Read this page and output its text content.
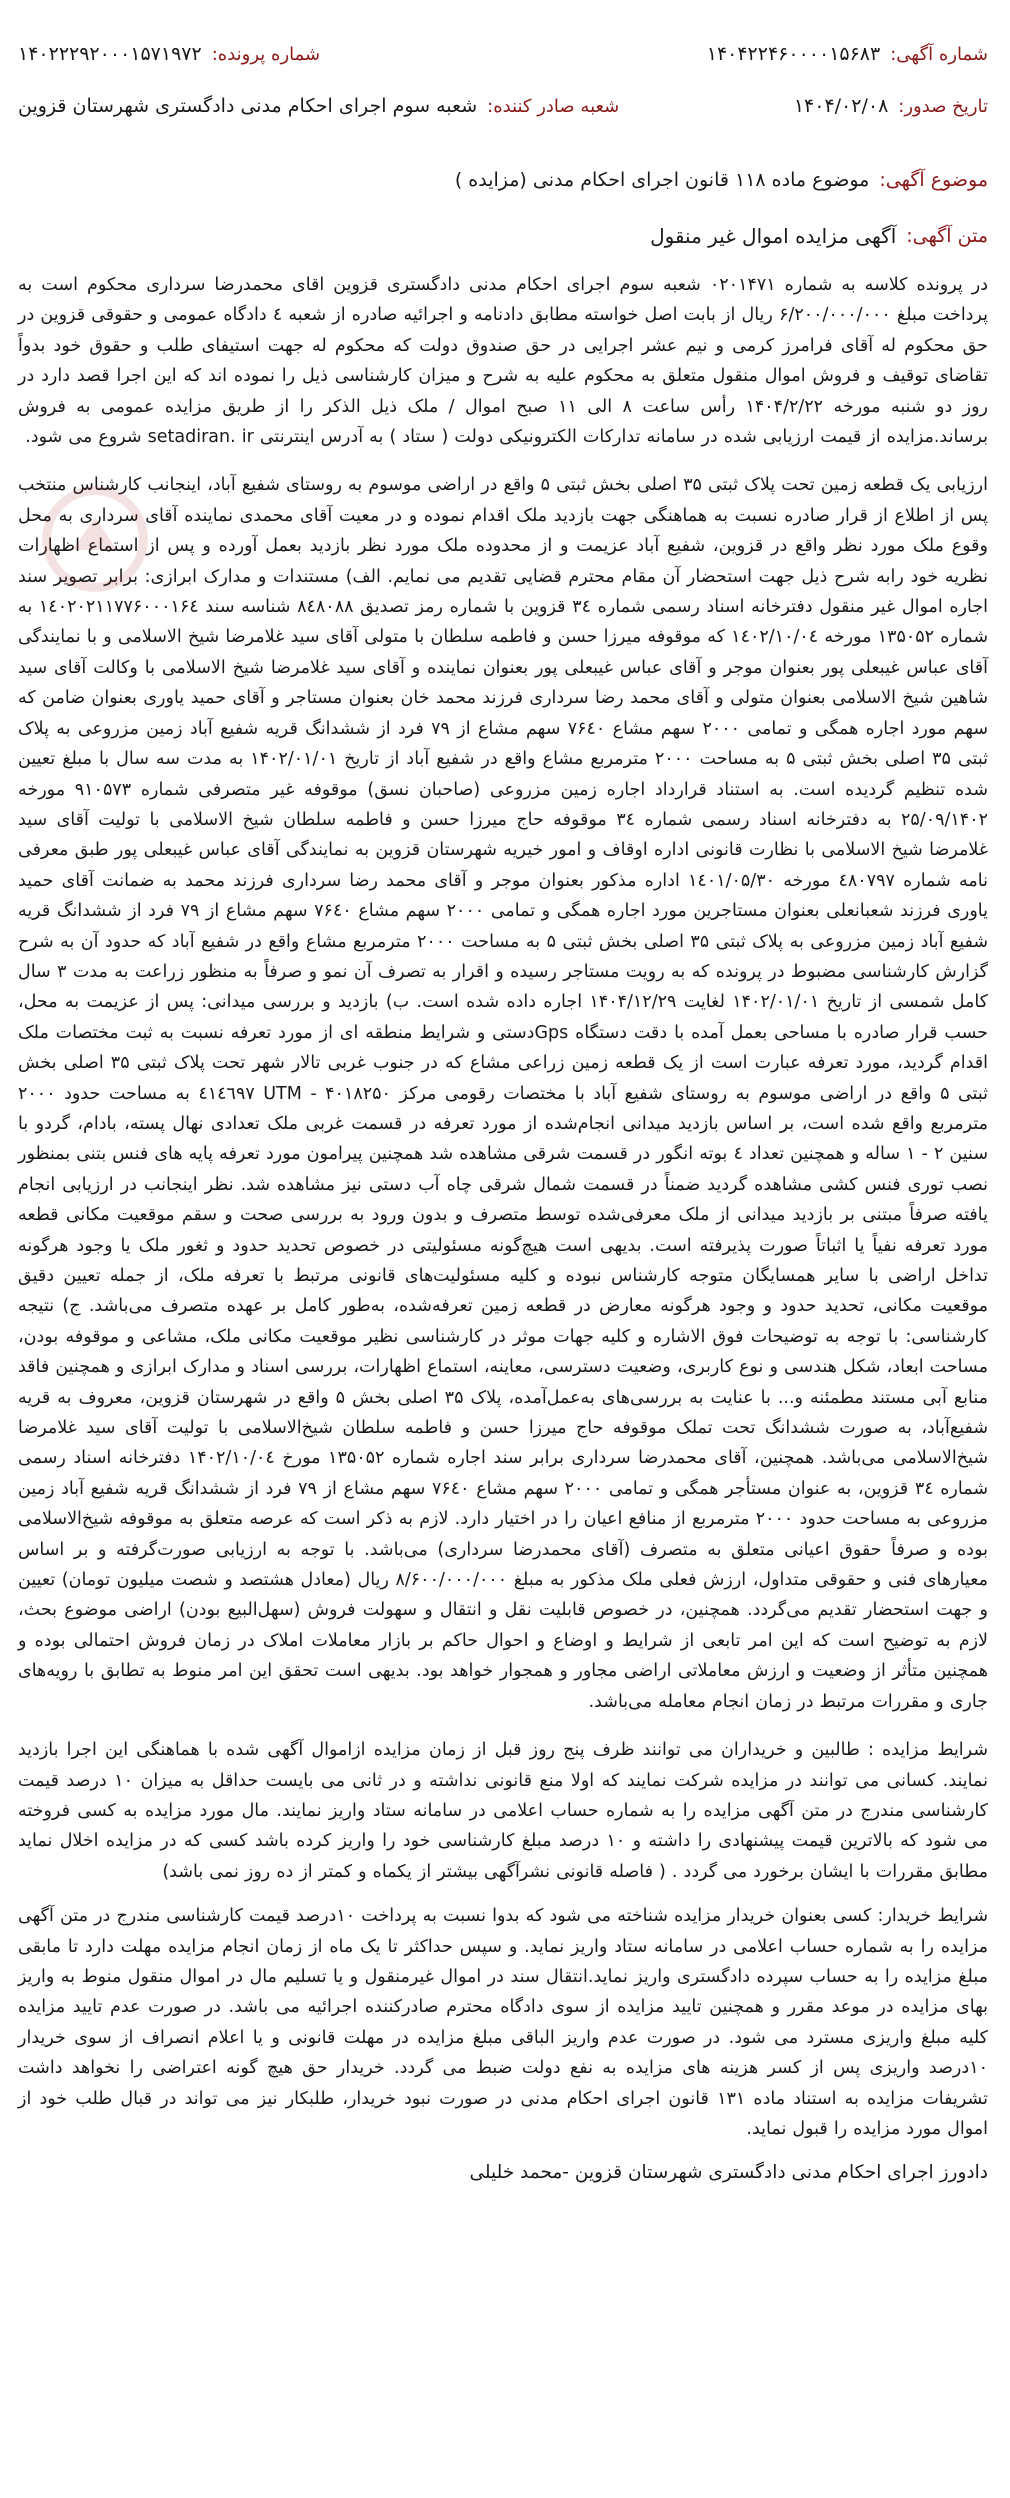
شماره آگهی:
۱۴۰۴۲۲۴۶۰۰۰۰۱۵۶۸۳
شماره پرونده:
۱۴۰۲۲۲۹۲۰۰۰۱۵۷۱۹۷۲
تاریخ صدور:
۱۴۰۴/۰۲/۰۸
شعبه صادر کننده:
شعبه سوم اجرای احکام مدنی دادگستری شهرستان قزوین
موضوع آگهی:
موضوع ماده ۱۱۸ قانون اجرای احکام مدنی (مزایده )
متن آگهی:
آگهی مزایده اموال غیر منقول

در پرونده کلاسه به شماره ۰۲۰۱۴۷۱ شعبه سوم اجرای احکام مدنی دادگستری قزوین اقای محمدرضا سرداری محکوم است به پرداخت مبلغ ۶/۲۰۰/۰۰۰/۰۰۰ ریال از بابت اصل خواسته مطابق دادنامه و اجرائیه صادره از شعبه ٤ دادگاه عمومی و حقوقی قزوین در حق محکوم له آقای فرامرز کرمی و نیم عشر اجرایی در حق صندوق دولت که محکوم له جهت استیفای طلب و حقوق خود بدواً تقاضای توقیف و فروش اموال منقول متعلق به محکوم علیه به شرح و میزان کارشناسی ذیل را نموده اند که این اجرا قصد دارد در روز دو شنبه مورخه ۱۴۰۴/۲/۲۲ رأس ساعت ۸ الی ۱۱ صبح اموال / ملک ذیل الذکر را از طریق مزایده عمومی به فروش برساند.مزایده از قیمت ارزیابی شده در سامانه تدارکات الکترونیکی دولت ( ستاد ) به آدرس اینترنتی setadiran. ir شروع می شود.

ارزیابی یک قطعه زمین تحت پلاک ثبتی ۳۵ اصلی بخش ثبتی ۵ واقع در اراضی موسوم به روستای شفیع آباد، اینجانب کارشناس منتخب پس از اطلاع از قرار صادره نسبت به هماهنگی جهت بازدید ملک اقدام نموده و در معیت آقای محمدی نماینده آقای سرداری به محل وقوع ملک مورد نظر واقع در قزوین، شفیع آباد عزیمت و از محدوده ملک مورد نظر بازدید بعمل آورده و پس از استماع اظهارات نظریه خود رابه شرح ذیل جهت استحضار آن مقام محترم قضایی تقدیم می نمایم. الف) مستندات و مدارک ابرازی: برابر تصویر سند اجاره اموال غیر منقول دفترخانه اسناد رسمی شماره ۳٤ قزوین با شماره رمز تصدیق ۸٤۸۰۸۸ شناسه سند ۱٤۰۲۰۲۱۱۷۷۶۰۰۰۱۶٤ به شماره ۱۳۵۰۵۲ مورخه ۱٤۰۲/۱۰/۰٤ که موقوفه میرزا حسن و فاطمه سلطان با متولی آقای سید غلامرضا شیخ الاسلامی و با نمایندگی آقای عباس غیبعلی پور بعنوان موجر و آقای عباس غیبعلی پور بعنوان نماینده و آقای سید غلامرضا شیخ الاسلامی با وکالت آقای سید شاهین شیخ الاسلامی بعنوان متولی و آقای محمد رضا سرداری فرزند محمد خان بعنوان مستاجر و آقای حمید یاوری بعنوان ضامن که سهم مورد اجاره همگی و تمامی ۲۰۰۰ سهم مشاع ۷۶٤۰ سهم مشاع از ۷۹ فرد از ششدانگ قریه شفیع آباد زمین مزروعی به پلاک ثبتی ۳۵ اصلی بخش ثبتی ۵ به مساحت ۲۰۰۰ مترمربع مشاع واقع در شفیع آباد از تاریخ ۱۴۰۲/۰۱/۰۱ به مدت سه سال با مبلغ تعیین شده تنظیم گردیده است. به استناد قرارداد اجاره زمین مزروعی (صاحبان نسق) موقوفه غیر متصرفی شماره ۹۱۰۵۷۳ مورخه ۲۵/۰۹/۱۴۰۲ به دفترخانه اسناد رسمی شماره ۳٤ موقوفه حاج میرزا حسن و فاطمه سلطان شیخ الاسلامی با تولیت آقای سید غلامرضا شیخ الاسلامی با نظارت قانونی اداره اوقاف و امور خیریه شهرستان قزوین به نمایندگی آقای عباس غیبعلی پور طبق معرفی نامه شماره ٤۸۰۷۹۷ مورخه ۱٤۰۱/۰۵/۳۰ اداره مذکور بعنوان موجر و آقای محمد رضا سرداری فرزند محمد به ضمانت آقای حمید یاوری فرزند شعبانعلی بعنوان مستاجرین مورد اجاره همگی و تمامی ۲۰۰۰ سهم مشاع ۷۶٤۰ سهم مشاع از ۷۹ فرد از ششدانگ قریه شفیع آباد زمین مزروعی به پلاک ثبتی ۳۵ اصلی بخش ثبتی ۵ به مساحت ۲۰۰۰ مترمربع مشاع واقع در شفیع آباد که حدود آن به شرح گزارش کارشناسی مضبوط در پرونده که به رویت مستاجر رسیده و اقرار به تصرف آن نمو و صرفاً به منظور زراعت به مدت ۳ سال کامل شمسی از تاریخ ۱۴۰۲/۰۱/۰۱ لغایت ۱۴۰۴/۱۲/۲۹ اجاره داده شده است. ب) بازدید و بررسی میدانی: پس از عزیمت به محل، حسب قرار صادره با مساحی بعمل آمده با دقت دستگاه Gpsدستی و شرایط منطقه ای از مورد تعرفه نسبت به ثبت مختصات ملک اقدام گردید، مورد تعرفه عبارت است از یک قطعه زمین زراعی مشاع که در جنوب غربی تالار شهر تحت پلاک ثبتی ۳۵ اصلی بخش ثبتی ۵ واقع در اراضی موسوم به روستای شفیع آباد با مختصات رقومی مرکز ۴۰۱۸۲۵۰ - UTM ٤۱٤٦۹۷ به مساحت حدود ۲۰۰۰ مترمربع واقع شده است، بر اساس بازدید میدانی انجام‌شده از مورد تعرفه در قسمت غربی ملک تعدادی نهال پسته، بادام، گردو با سنین ۲ - ۱ ساله و همچنین تعداد ٤ بوته انگور در قسمت شرقی مشاهده شد همچنین پیرامون مورد تعرفه پایه های فنس بتنی بمنظور نصب توری فنس کشی مشاهده گردید ضمناً در قسمت شمال شرقی چاه آب دستی نیز مشاهده شد. نظر اینجانب در ارزیابی انجام یافته صرفاً مبتنی بر بازدید میدانی از ملک معرفی‌شده توسط متصرف و بدون ورود به بررسی صحت و سقم موقعیت مکانی قطعه مورد تعرفه نفیاً یا اثباتاً صورت پذیرفته است. بدیهی است هیچ‌گونه مسئولیتی در خصوص تحدید حدود و ثغور ملک یا وجود هرگونه تداخل اراضی با سایر همسایگان متوجه کارشناس نبوده و کلیه مسئولیت‌های قانونی مرتبط با تعرفه ملک، از جمله تعیین دقیق موقعیت مکانی، تحدید حدود و وجود هرگونه معارض در قطعه زمین تعرفه‌شده، به‌طور کامل بر عهده متصرف می‌باشد. ج) نتیجه کارشناسی: با توجه به توضیحات فوق الاشاره و کلیه جهات موثر در کارشناسی نظیر موقعیت مکانی ملک، مشاعی و موقوفه بودن، مساحت ابعاد، شکل هندسی و نوع کاربری، وضعیت دسترسی، معاینه، استماع اظهارات، بررسی اسناد و مدارک ابرازی و همچنین فاقد منابع آبی مستند مطمئنه و... با عنایت به بررسی‌های به‌عمل‌آمده، پلاک ۳۵ اصلی بخش ۵ واقع در شهرستان قزوین، معروف به قریه شفیع‌آباد، به صورت ششدانگ تحت تملک موقوفه حاج میرزا حسن و فاطمه سلطان شیخ‌الاسلامی با تولیت آقای سید غلامرضا شیخ‌الاسلامی می‌باشد. همچنین، آقای محمدرضا سرداری برابر سند اجاره شماره ۱۳۵۰۵۲ مورخ ۱۴۰۲/۱۰/۰٤ دفترخانه اسناد رسمی شماره ۳٤ قزوین، به عنوان مستأجر همگی و تمامی ۲۰۰۰ سهم مشاع ۷۶٤۰ سهم مشاع از ۷۹ فرد از ششدانگ قریه شفیع آباد زمین مزروعی به مساحت حدود ۲۰۰۰ مترمربع از منافع اعیان را در اختیار دارد. لازم به ذکر است که عرصه متعلق به موقوفه شیخ‌الاسلامی بوده و صرفاً حقوق اعیانی متعلق به متصرف (آقای محمدرضا سرداری) می‌باشد. با توجه به ارزیابی صورت‌گرفته و بر اساس معیارهای فنی و حقوقی متداول، ارزش فعلی ملک مذکور به مبلغ ۸/۶۰۰/۰۰۰/۰۰۰ ریال (معادل هشتصد و شصت میلیون تومان) تعیین و جهت استحضار تقدیم می‌گردد. همچنین، در خصوص قابلیت نقل و انتقال و سهولت فروش (سهل‌البیع بودن) اراضی موضوع بحث، لازم به توضیح است که این امر تابعی از شرایط و اوضاع و احوال حاکم بر بازار معاملات املاک در زمان فروش احتمالی بوده و همچنین متأثر از وضعیت و ارزش معاملاتی اراضی مجاور و همجوار خواهد بود. بدیهی است تحقق این امر منوط به تطابق با رویه‌های جاری و مقررات مرتبط در زمان انجام معامله می‌باشد.

شرایط مزایده : طالبین و خریداران می توانند ظرف پنج روز قبل از زمان مزایده ازاموال آگهی شده با هماهنگی این اجرا بازدید نمایند. کسانی می توانند در مزایده شرکت نمایند که اولا منع قانونی نداشته و در ثانی می بایست حداقل به میزان ۱۰ درصد قیمت کارشناسی مندرج در متن آگهی مزایده را به شماره حساب اعلامی در سامانه ستاد واریز نمایند. مال مورد مزایده به کسی فروخته می شود که بالاترین قیمت پیشنهادی را داشته و ۱۰ درصد مبلغ کارشناسی خود را واریز کرده باشد کسی که در مزایده اخلال نماید مطابق مقررات با ایشان برخورد می گردد . ( فاصله قانونی نشرآگهی بیشتر از یکماه و کمتر از ده روز نمی باشد)

شرایط خریدار: کسی بعنوان خریدار مزایده شناخته می شود که بدوا نسبت به پرداخت ۱۰درصد قیمت کارشناسی مندرج در متن آگهی مزایده را به شماره حساب اعلامی در سامانه ستاد واریز نماید. و سپس حداکثر تا یک ماه از زمان انجام مزایده مهلت دارد تا مابقی مبلغ مزایده را به حساب سپرده دادگستری واریز نماید.انتقال سند در اموال غیرمنقول و یا تسلیم مال در اموال منقول منوط به واریز بهای مزایده در موعد مقرر و همچنین تایید مزایده از سوی دادگاه محترم صادرکننده اجرائیه می باشد. در صورت عدم تایید مزایده کلیه مبلغ واریزی مسترد می شود. در صورت عدم واریز الباقی مبلغ مزایده در مهلت قانونی و یا اعلام انصراف از سوی خریدار ۱۰درصد واریزی پس از کسر هزینه های مزایده به نفع دولت ضبط می گردد. خریدار حق هیچ گونه اعتراضی را نخواهد داشت تشریفات مزایده به استناد ماده ۱۳۱ قانون اجرای احکام مدنی در صورت نبود خریدار، طلبکار نیز می تواند در قبال طلب خود از اموال مورد مزایده را قبول نماید.

دادورز اجرای احکام مدنی دادگستری شهرستان قزوین -محمد خلیلی
